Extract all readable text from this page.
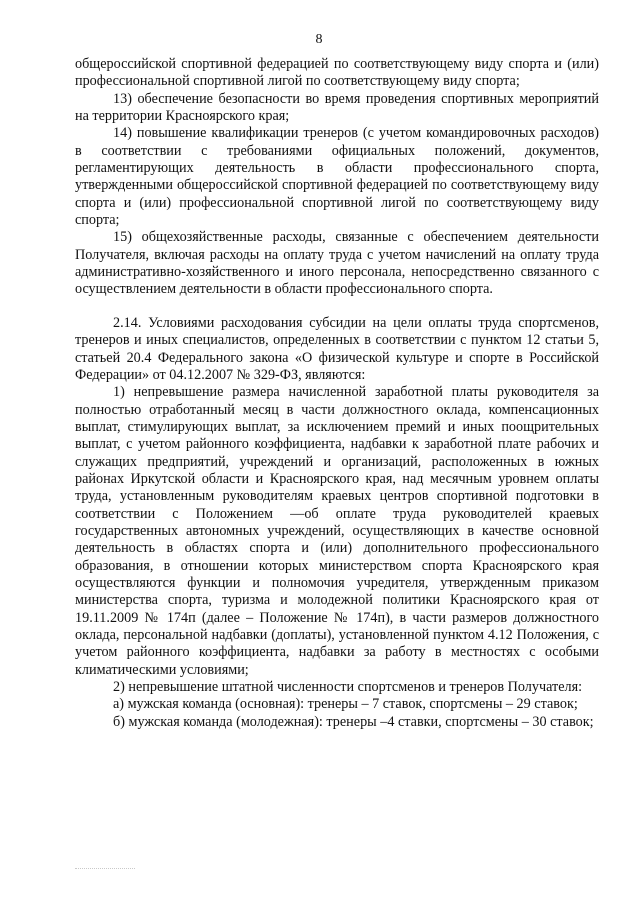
8

общероссийской спортивной федерацией по соответствующему виду спорта и (или) профессиональной спортивной лигой по соответствующему виду спорта;

13) обеспечение безопасности во время проведения спортивных мероприятий на территории Красноярского края;

14) повышение квалификации тренеров (с учетом командировочных расходов) в соответствии с требованиями официальных положений, документов, регламентирующих деятельность в области профессионального спорта, утвержденными общероссийской спортивной федерацией по соответствующему виду спорта и (или) профессиональной спортивной лигой по соответствующему виду спорта;

15) общехозяйственные расходы, связанные с обеспечением деятельности Получателя, включая расходы на оплату труда с учетом начислений на оплату труда административно-хозяйственного и иного персонала, непосредственно связанного с осуществлением деятельности в области профессионального спорта.

2.14. Условиями расходования субсидии на цели оплаты труда спортсменов, тренеров и иных специалистов, определенных в соответствии с пунктом 12 статьи 5, статьей 20.4 Федерального закона «О физической культуре и спорте в Российской Федерации» от 04.12.2007 № 329-ФЗ, являются:

1) непревышение размера начисленной заработной платы руководителя за полностью отработанный месяц в части должностного оклада, компенсационных выплат, стимулирующих выплат, за исключением премий и иных поощрительных выплат, с учетом районного коэффициента, надбавки к заработной плате рабочих и служащих предприятий, учреждений и организаций, расположенных в южных районах Иркутской области и Красноярского края, над месячным уровнем оплаты труда, установленным руководителям краевых центров спортивной подготовки в соответствии с Положением —об оплате труда руководителей краевых государственных автономных учреждений, осуществляющих в качестве основной деятельность в областях спорта и (или) дополнительного профессионального образования, в отношении которых министерством спорта Красноярского края осуществляются функции и полномочия учредителя, утвержденным приказом министерства спорта, туризма и молодежной политики Красноярского края от 19.11.2009 № 174п (далее – Положение № 174п), в части размеров должностного оклада, персональной надбавки (доплаты), установленной пунктом 4.12 Положения, с учетом районного коэффициента, надбавки за работу в местностях с особыми климатическими условиями;

2) непревышение штатной численности спортсменов и тренеров Получателя:

а) мужская команда (основная): тренеры – 7 ставок, спортсмены – 29 ставок;

б) мужская команда (молодежная): тренеры –4 ставки, спортсмены – 30 ставок;
